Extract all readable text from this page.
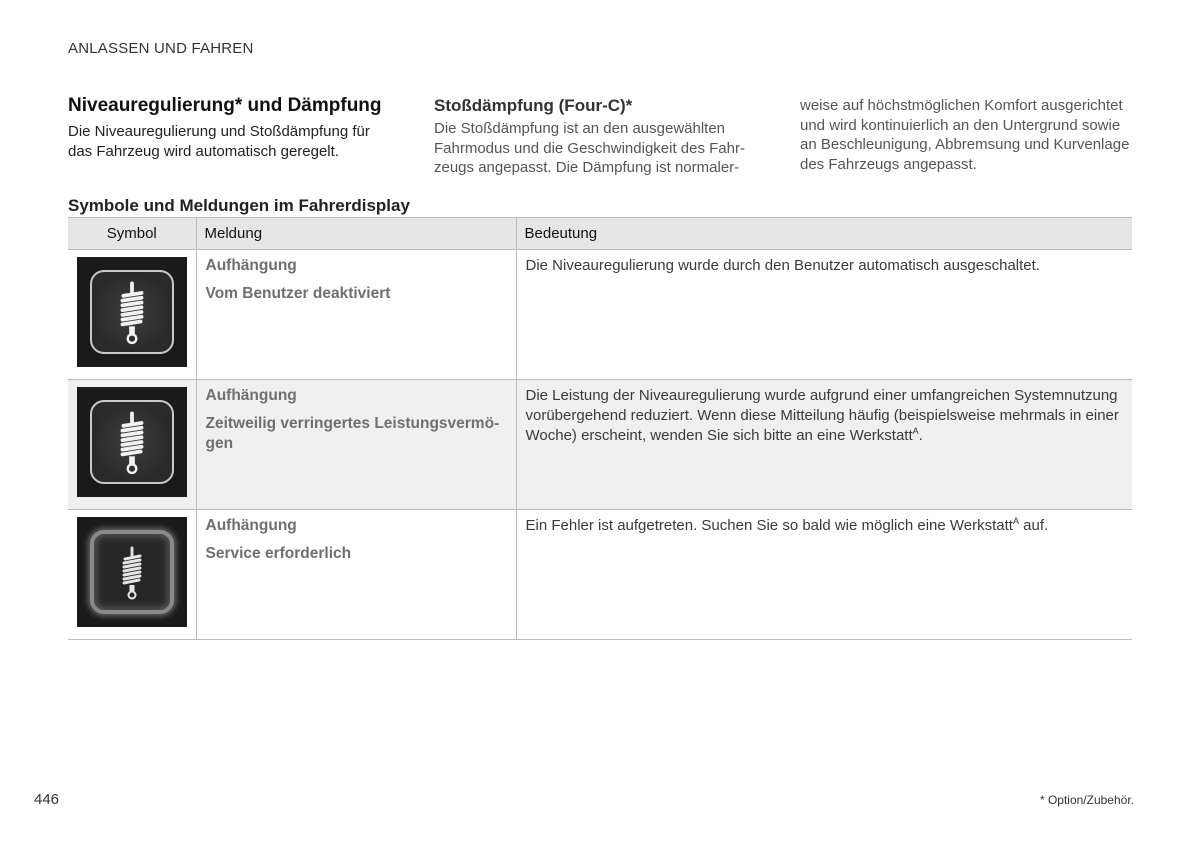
ANLASSEN UND FAHREN
Niveauregulierung* und Dämpfung
Die Niveauregulierung und Stoßdämpfung für das Fahrzeug wird automatisch geregelt.
Stoßdämpfung (Four-C)*
Die Stoßdämpfung ist an den ausgewählten Fahrmodus und die Geschwindigkeit des Fahrzeugs angepasst. Die Dämpfung ist normaler-
weise auf höchstmöglichen Komfort ausgerichtet und wird kontinuierlich an den Untergrund sowie an Beschleunigung, Abbremsung und Kurvenlage des Fahrzeugs angepasst.
Symbole und Meldungen im Fahrerdisplay
Symbol	Meldung	Bedeutung

Aufhängung
Vom Benutzer deaktiviert	Die Niveauregulierung wurde durch den Benutzer automatisch ausgeschaltet.

Aufhängung
Zeitweilig verringertes Leistungsvermögen	Die Leistung der Niveauregulierung wurde aufgrund einer umfangreichen Systemnutzung vorübergehend reduziert. Wenn diese Mitteilung häufig (beispielsweise mehrmals in einer Woche) erscheint, wenden Sie sich bitte an eine Werkstatt$^A$.

Aufhängung
Service erforderlich	Ein Fehler ist aufgetreten. Suchen Sie so bald wie möglich eine Werkstatt$^A$ auf.
446	* Option/Zubehör.
